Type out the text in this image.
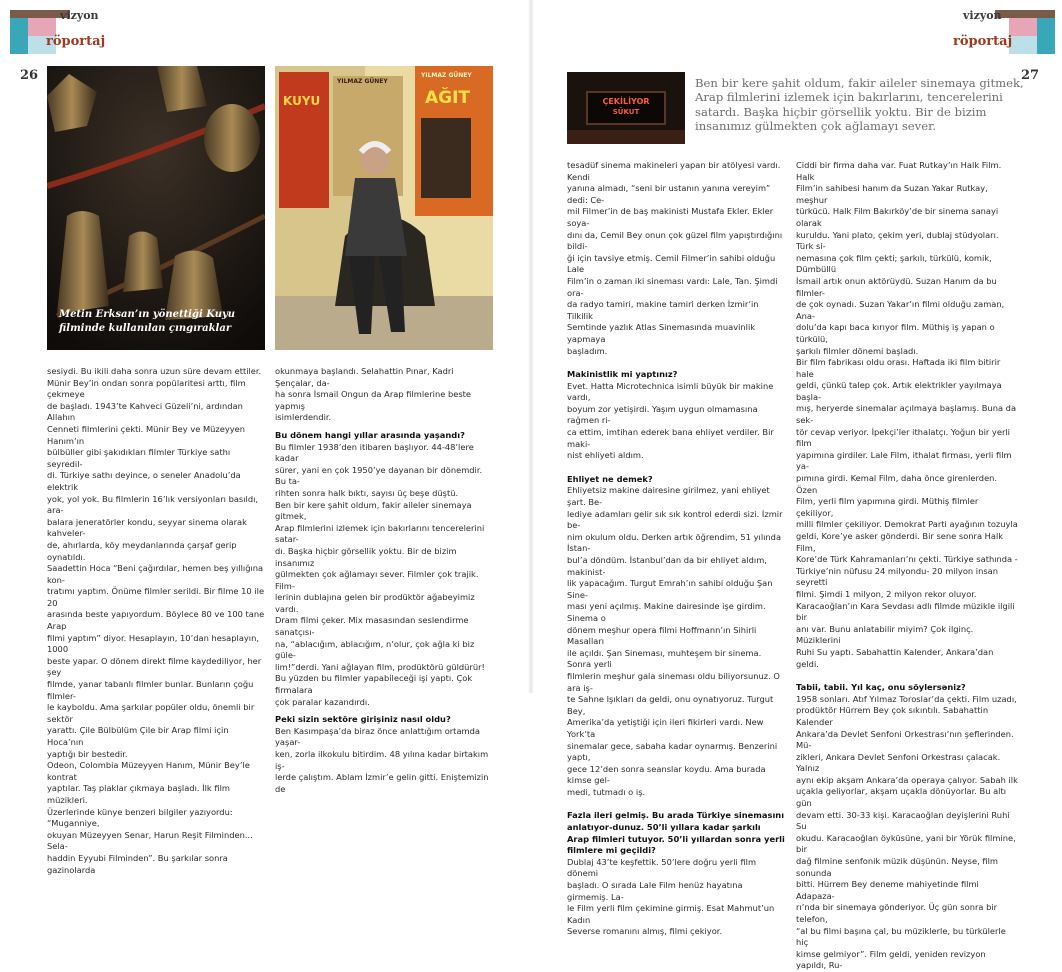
vizyon
röportaj
26
Metin Erksan’ın yönettiği Kuyu filminde kullanılan çıngıraklar
KUYU
YILMAZ GÜNEY
YILMAZ GÜNEY
AĞIT

sesiydi. Bu ikili daha sonra uzun süre devam ettiler.

Münir Bey’in ondan sonra popülaritesi arttı, film çekmeye

de başladı. 1943’te Kahveci Güzeli’ni, ardından Allahın

Cenneti filmlerini çekti. Münir Bey ve Müzeyyen Hanım’ın

bülbüller gibi şakıdıkları filmler Türkiye sathı seyredil-

di. Türkiye sathı deyince, o seneler Anadolu’da elektrik

yok, yol yok. Bu filmlerin 16’lık versiyonları basıldı, ara-

balara jeneratörler kondu, seyyar sinema olarak kahveler-

de, ahırlarda, köy meydanlarında çarşaf gerip oynatıldı.

Saadettin Hoca “Beni çağırdılar, hemen beş yıllığına kon-

tratımı yaptım. Önüme filmler serildi. Bir filme 10 ile 20

arasında beste yapıyordum. Böylece 80 ve 100 tane Arap

filmi yaptım” diyor. Hesaplayın, 10’dan hesaplayın, 1000

beste yapar. O dönem direkt filme kaydediliyor, her şey

filmde, yanar tabanlı filmler bunlar. Bunların çoğu filmler-

le kayboldu. Ama şarkılar popüler oldu, önemli bir sektör

yarattı. Çile Bülbülüm Çile bir Arap filmi için Hoca’nın

yaptığı bir bestedir.

Odeon, Colombia Müzeyyen Hanım, Münir Bey’le kontrat

yaptılar. Taş plaklar çıkmaya başladı. İlk film müzikleri.

Üzerlerinde künye benzeri bilgiler yazıyordu: “Muganniye,

okuyan Müzeyyen Senar, Harun Reşit Filminden... Sela-

haddin Eyyubi Filminden”. Bu şarkılar sonra gazinolarda

okunmaya başlandı. Selahattin Pınar, Kadri Şençalar, da-

ha sonra İsmail Ongun da Arap filmlerine beste yapmış

isimlerdendir.

Bu dönem hangi yıllar arasında yaşandı?

Bu filmler 1938’den itibaren başlıyor. 44-48’lere kadar

sürer, yani en çok 1950’ye dayanan bir dönemdir. Bu ta-

rihten sonra halk bıktı, sayısı üç beşe düştü.

Ben bir kere şahit oldum, fakir aileler sinemaya gitmek,

Arap filmlerini izlemek için bakırlarını tencerelerini satar-

dı. Başka hiçbir görsellik yoktu. Bir de bizim insanımız

gülmekten çok ağlamayı sever. Filmler çok trajik. Film-

lerinin dublajına gelen bir prodüktör ağabeyimiz vardı.

Dram filmi çeker. Mix masasından seslendirme sanatçısı-

na, “ablacığım, ablacığım, n’olur, çok ağla ki biz güle-

lim!”derdi. Yani ağlayan film, prodüktörü güldürür!

Bu yüzden bu filmler yapabileceği işi yaptı. Çok firmalara

çok paralar kazandırdı.

Peki sizin sektöre girişiniz nasıl oldu?

Ben Kasımpaşa’da biraz önce anlattığım ortamda yaşar-

ken, zorla ilkokulu bitirdim. 48 yılına kadar birtakım iş-

lerde çalıştım. Ablam İzmir’e gelin gitti. Eniştemizin de

vizyon
röportaj
27
ÇEKİLİYOR
SÜKUT
Ben bir kere şahit oldum, fakir aileler sinemaya gitmek, Arap filmlerini izlemek için bakırlarını, tencerelerini satardı. Başka hiçbir görsellik yoktu. Bir de bizim insanımız gülmekten çok ağlamayı sever.

tesadüf sinema makineleri yapan bir atölyesi vardı. Kendi

yanına almadı, “seni bir ustanın yanına vereyim” dedi: Ce-

mil Filmer’in de baş makinisti Mustafa Ekler. Ekler soya-

dını da, Cemil Bey onun çok güzel film yapıştırdığını bildi-

ği için tavsiye etmiş. Cemil Filmer’in sahibi olduğu Lale

Film’in o zaman iki sineması vardı: Lale, Tan. Şimdi ora-

da radyo tamiri, makine tamiri derken İzmir’in Tilkilik

Semtinde yazlık Atlas Sinemasında muavinlik yapmaya

başladım.

Makinistlik mi yaptınız?

Evet. Hatta Microtechnica isimli büyük bir makine vardı,

boyum zor yetişirdi. Yaşım uygun olmamasına rağmen ri-

ca ettim, imtihan ederek bana ehliyet verdiler. Bir maki-

nist ehliyeti aldım.

Ehliyet ne demek?

Ehliyetsiz makine dairesine girilmez, yani ehliyet şart. Be-

lediye adamları gelir sık sık kontrol ederdi sizi. İzmir be-

nim okulum oldu. Derken artık öğrendim, 51 yılında İstan-

bul’a döndüm. İstanbul’dan da bir ehliyet aldım, makinist-

lik yapacağım. Turgut Emrah’ın sahibi olduğu Şan Sine-

ması yeni açılmış. Makine dairesinde işe girdim. Sinema o

dönem meşhur opera filmi Hoffmann’ın Sihirli Masalları

ile açıldı. Şan Sineması, muhteşem bir sinema. Sonra yerli

filmlerin meşhur gala sineması oldu biliyorsunuz. O ara iş-

te Sahne Işıkları da geldi, onu oynatıyoruz. Turgut Bey,

Amerika’da yetiştiği için ileri fikirleri vardı. New York’ta

sinemalar gece, sabaha kadar oynarmış. Benzerini yaptı,

gece 12’den sonra seanslar koydu. Ama burada kimse gel-

medi, tutmadı o iş.

Fazla ileri gelmiş. Bu arada Türkiye sinemasını anlatıyor-dunuz. 50’li yıllara kadar şarkılı Arap filmleri tutuyor. 50’li yıllardan sonra yerli filmlere mi geçildi?

Dublaj 43’te keşfettik. 50’lere doğru yerli film dönemi

başladı. O sırada Lale Film henüz hayatına girmemiş. La-

le Film yerli film çekimine girmiş. Esat Mahmut’un Kadın

Severse romanını almış, filmi çekiyor.

Ciddi bir firma daha var. Fuat Rutkay’ın Halk Film. Halk

Film’in sahibesi hanım da Suzan Yakar Rutkay, meşhur

türkücü. Halk Film Bakırköy’de bir sinema sanayi olarak

kuruldu. Yani plato, çekim yeri, dublaj stüdyoları. Türk si-

nemasına çok film çekti; şarkılı, türkülü, komik, Dümbüllü

İsmail artık onun aktörüydü. Suzan Hanım da bu filmler-

de çok oynadı. Suzan Yakar’ın filmi olduğu zaman, Ana-

dolu’da kapı baca kırıyor film. Müthiş iş yapan o türkülü,

şarkılı filmler dönemi başladı.

Bir film fabrikası oldu orası. Haftada iki film bitirir hale

geldi, çünkü talep çok. Artık elektrikler yayılmaya başla-

mış, heryerde sinemalar açılmaya başlamış. Buna da sek-

tör cevap veriyor. İpekçi’ler ithalatçı. Yoğun bir yerli film

yapımına girdiler. Lale Film, ithalat firması, yerli film ya-

pımına girdi. Kemal Film, daha önce girenlerden. Özen

Film, yerli film yapımına girdi. Müthiş filmler çekiliyor,

milli filmler çekiliyor. Demokrat Parti ayağının tozuyla

geldi, Kore’ye asker gönderdi. Bir sene sonra Halk Film,

Kore’de Türk Kahramanları’nı çekti. Türkiye sathında -

Türkiye’nin nüfusu 24 milyondu- 20 milyon insan seyretti

filmi. Şimdi 1 milyon, 2 milyon rekor oluyor.

Karacaoğlan’ın Kara Sevdası adlı filmde müzikle ilgili bir

anı var. Bunu anlatabilir miyim? Çok ilginç. Müziklerini

Ruhi Su yaptı. Sabahattin Kalender, Ankara’dan geldi.

Tabii, tabii. Yıl kaç, onu söylersəniz?

1958 sonları. Atıf Yılmaz Toroslar’da çekti. Film uzadı,

prodüktör Hürrem Bey çok sıkıntılı. Sabahattin Kalender

Ankara’da Devlet Senfoni Orkestrası’nın şeflerinden. Mü-

zikleri, Ankara Devlet Senfoni Orkestrası çalacak. Yalnız

aynı ekip akşam Ankara’da operaya çalıyor. Sabah ilk

uçakla geliyorlar, akşam uçakla dönüyorlar. Bu altı gün

devam etti. 30-33 kişi. Karacaoğlan deyişlerini Ruhi Su

okudu. Karacaoğlan öyküsüne, yani bir Yörük filmine, bir

dağ filmine senfonik müzik düşünün. Neyse, film sonunda

bitti. Hürrem Bey deneme mahiyetinde filmi Adapaza-

rı’nda bir sinemaya gönderiyor. Üç gün sonra bir telefon,

“al bu filmi başına çal, bu müziklerle, bu türkülerle hiç

kimse gelmiyor”. Film geldi, yeniden revizyon yapıldı, Ru-
